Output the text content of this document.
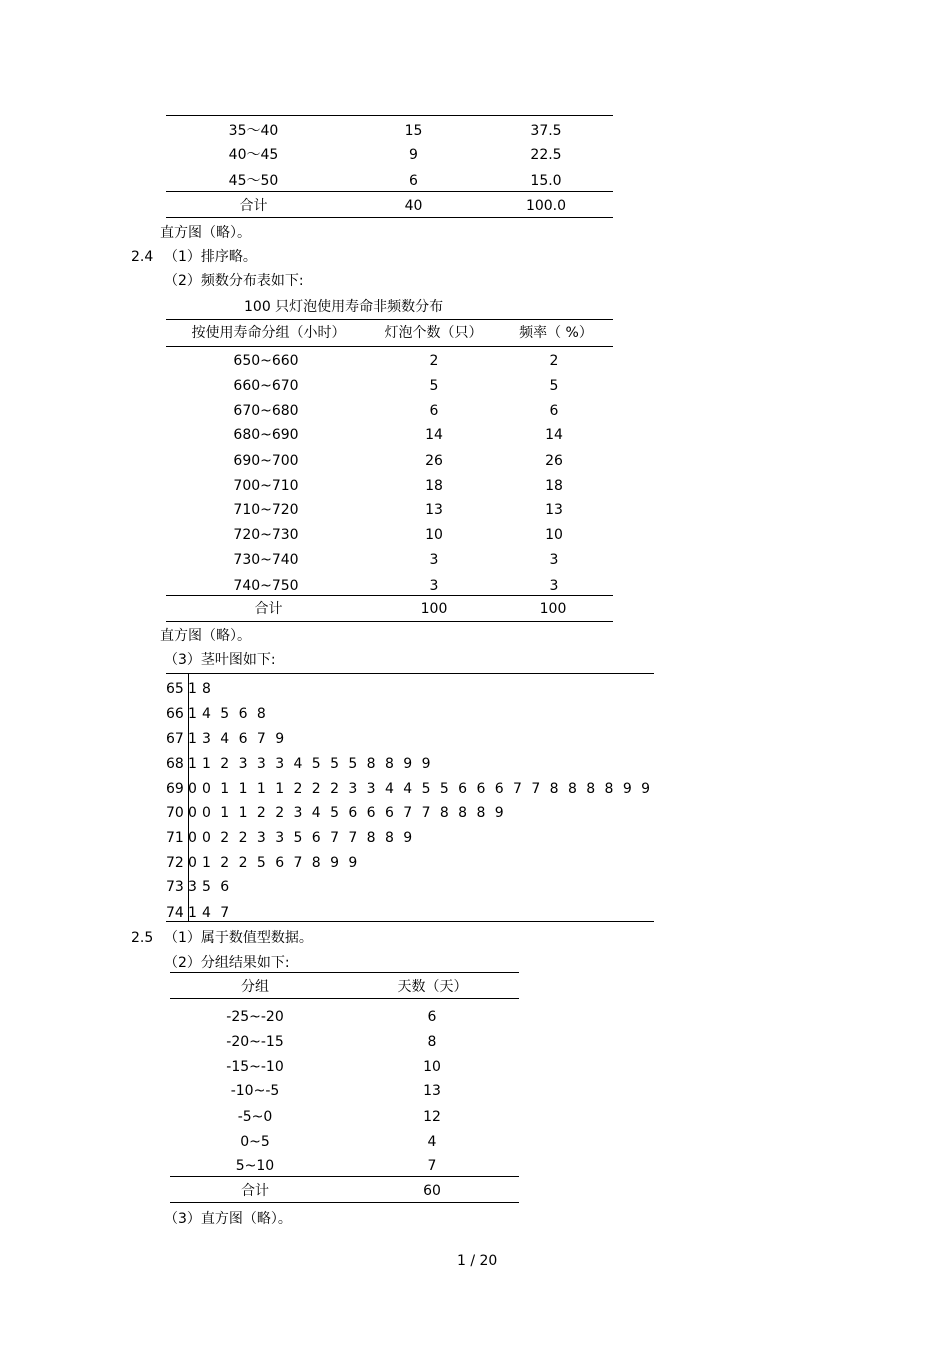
35～40	15	37.5
40～45	9	22.5
45～50	6	15.0
合计	40	100.0
直方图（略）。
2.4 （1）排序略。
（2）频数分布表如下:
100 只灯泡使用寿命非频数分布
按使用寿命分组（小时）	灯泡个数（只）	频率（ %）
650~660	2	2
660~670	5	5
670~680	6	6
680~690	14	14
690~700	26	26
700~710	18	18
710~720	13	13
720~730	10	10
730~740	3	3
740~750	3	3
合计	100	100
直方图（略）。
（3）茎叶图如下:
65 1 8
66 1 4 5 6 8
67 1 3 4 6 7 9
68 1 1 2 3 3 3 4 5 5 5 8 8 9 9
69 0 0 1 1 1 1 2 2 2 3 3 4 4 5 5 6 6 6 7 7 8 8 8 8 9 9
70 0 0 1 1 2 2 3 4 5 6 6 6 7 7 8 8 8 9
71 0 0 2 2 3 3 5 6 7 7 8 8 9
72 0 1 2 2 5 6 7 8 9 9
73 3 5 6
74 1 4 7
2.5 （1）属于数值型数据。
（2）分组结果如下:
分组	天数（天）
-25~-20	6
-20~-15	8
-15~-10	10
-10~-5	13
-5~0	12
0~5	4
5~10	7
合计	60
（3）直方图（略）。
1 / 20
